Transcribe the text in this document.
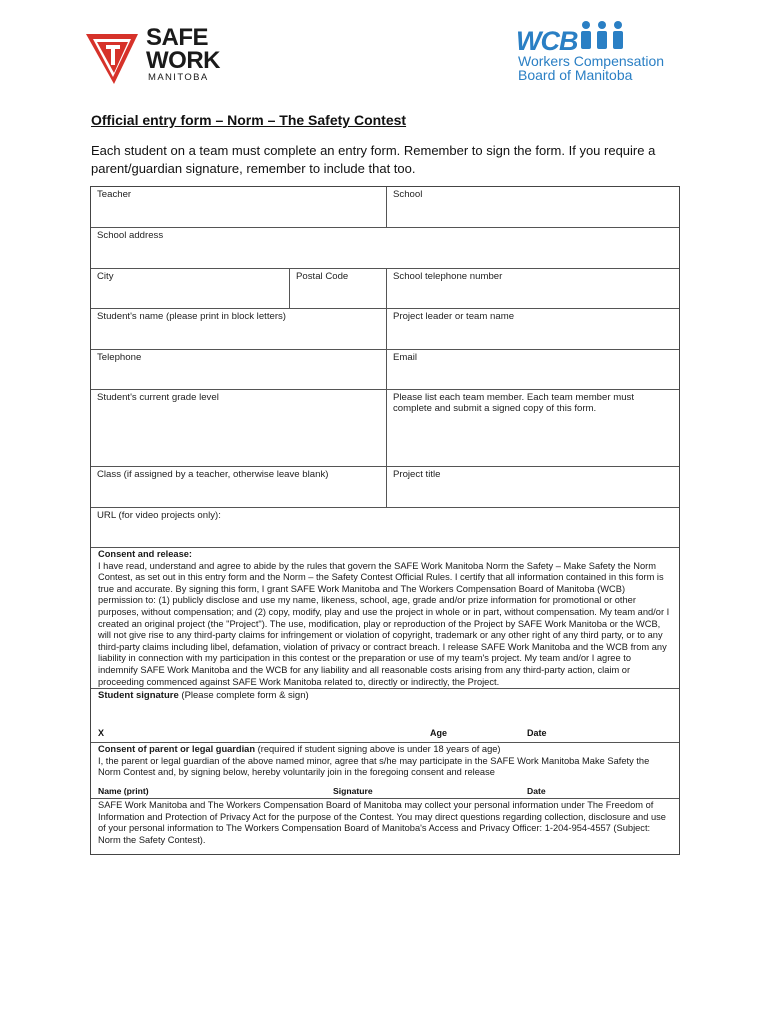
SAFE
WORK
MANITOBA
WCB
Workers Compensation
Board of Manitoba
Official entry form – Norm – The Safety Contest
Each student on a team must complete an entry form. Remember to sign the form. If you require a parent/guardian signature, remember to include that too.
Teacher	School
School address
City	Postal Code	School telephone number
Student's name (please print in block letters)	Project leader or team name
Telephone	Email
Student's current grade level	Please list each team member. Each team member must complete and submit a signed copy of this form.
Class (if assigned by a teacher, otherwise leave blank)	Project title
URL (for video projects only):
Consent and release:
I have read, understand and agree to abide by the rules that govern the SAFE Work Manitoba Norm the Safety – Make Safety the Norm Contest, as set out in this entry form and the Norm – the Safety Contest Official Rules. I certify that all information contained in this form is true and accurate. By signing this form, I grant SAFE Work Manitoba and The Workers Compensation Board of Manitoba (WCB) permission to: (1) publicly disclose and use my name, likeness, school, age, grade and/or prize information for promotional or other purposes, without compensation; and (2) copy, modify, play and use the project in whole or in part, without compensation. My team and/or I created an original project (the "Project"). The use, modification, play or reproduction of the Project by SAFE Work Manitoba or the WCB, will not give rise to any third-party claims for infringement or violation of copyright, trademark or any other right of any third party, or to any third-party claims including libel, defamation, violation of privacy or contract breach. I release SAFE Work Manitoba and the WCB from any liability in connection with my participation in this contest or the preparation or use of my team's project. My team and/or I agree to indemnify SAFE Work Manitoba and the WCB for any liability and all reasonable costs arising from any third-party action, claim or proceeding commenced against SAFE Work Manitoba related to, directly or indirectly, the Project.
Student signature (Please complete form & sign)
X	Age	Date
Consent of parent or legal guardian (required if student signing above is under 18 years of age)
I, the parent or legal guardian of the above named minor, agree that s/he may participate in the SAFE Work Manitoba Make Safety the Norm Contest and, by signing below, hereby voluntarily join in the foregoing consent and release
Name (print)	Signature	Date
SAFE Work Manitoba and The Workers Compensation Board of Manitoba may collect your personal information under The Freedom of Information and Protection of Privacy Act for the purpose of the Contest. You may direct questions regarding collection, disclosure and use of your personal information to The Workers Compensation Board of Manitoba's Access and Privacy Officer: 1-204-954-4557 (Subject: Norm the Safety Contest).
